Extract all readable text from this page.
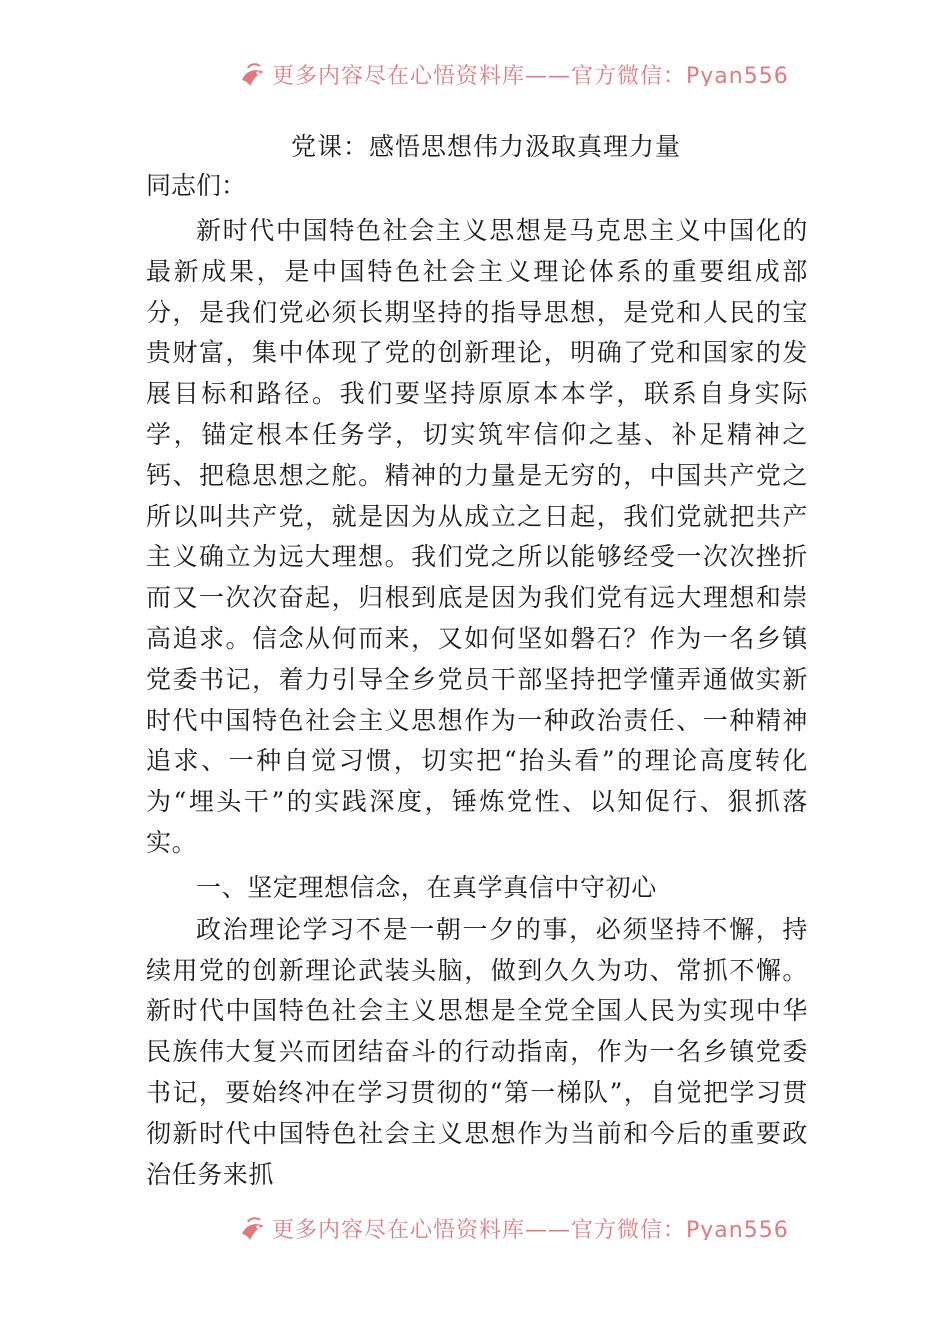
更多内容尽在心悟资料库——官方微信：Pyan556
党课：感悟思想伟力汲取真理力量

同志们：

新时代中国特色社会主义思想是马克思主义中国化的最新成果，是中国特色社会主义理论体系的重要组成部分，是我们党必须长期坚持的指导思想，是党和人民的宝贵财富，集中体现了党的创新理论，明确了党和国家的发展目标和路径。我们要坚持原原本本学，联系自身实际学，锚定根本任务学，切实筑牢信仰之基、补足精神之钙、把稳思想之舵。精神的力量是无穷的，中国共产党之所以叫共产党，就是因为从成立之日起，我们党就把共产主义确立为远大理想。我们党之所以能够经受一次次挫折而又一次次奋起，归根到底是因为我们党有远大理想和崇高追求。信念从何而来，又如何坚如磐石？作为一名乡镇党委书记，着力引导全乡党员干部坚持把学懂弄通做实新时代中国特色社会主义思想作为一种政治责任、一种精神追求、一种自觉习惯，切实把“抬头看”的理论高度转化为“埋头干”的实践深度，锤炼党性、以知促行、狠抓落实。

一、坚定理想信念，在真学真信中守初心

政治理论学习不是一朝一夕的事，必须坚持不懈，持续用党的创新理论武装头脑，做到久久为功、常抓不懈。新时代中国特色社会主义思想是全党全国人民为实现中华民族伟大复兴而团结奋斗的行动指南，作为一名乡镇党委书记，要始终冲在学习贯彻的“第一梯队”，自觉把学习贯彻新时代中国特色社会主义思想作为当前和今后的重要政治任务来抓

更多内容尽在心悟资料库——官方微信：Pyan556
